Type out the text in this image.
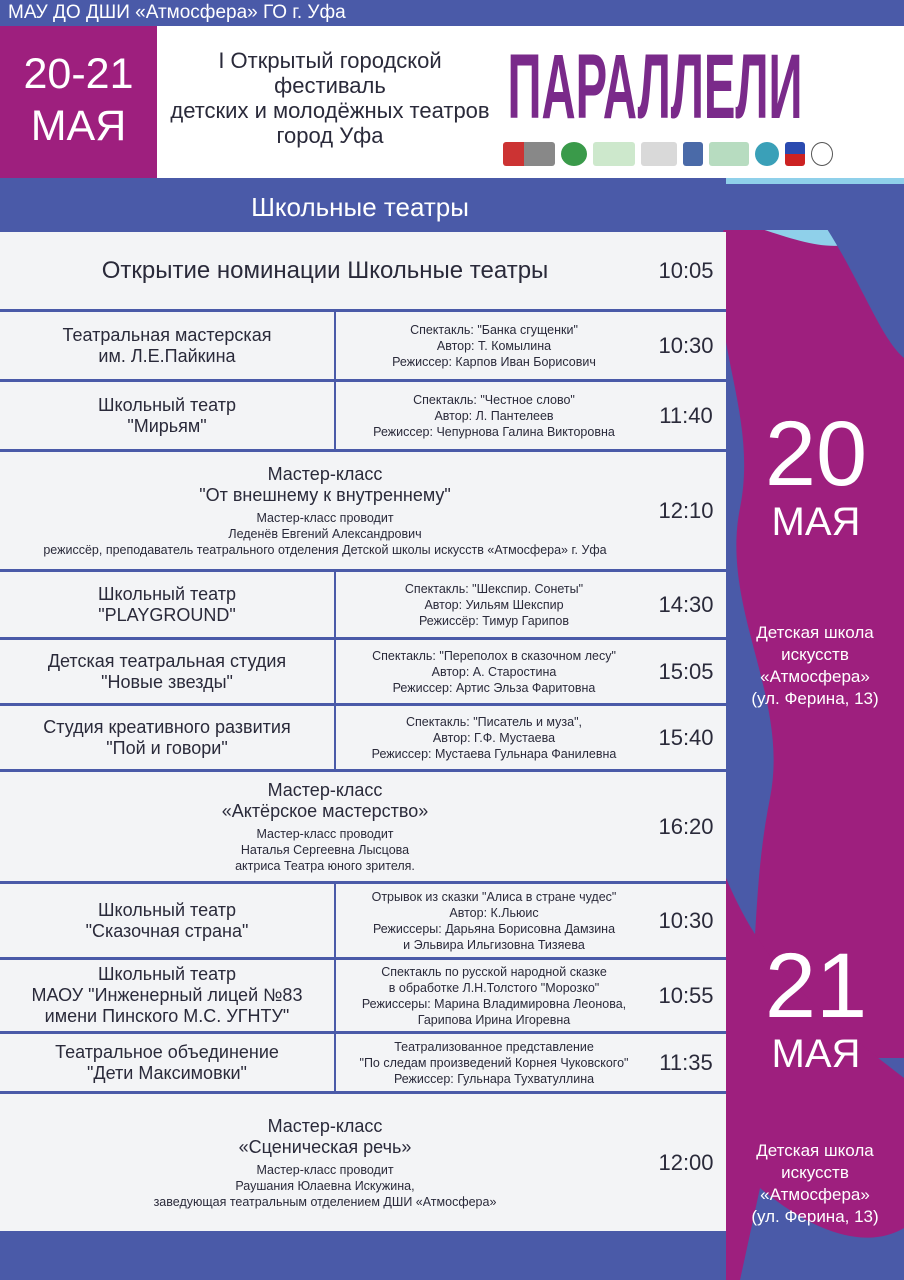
МАУ ДО ДШИ «Атмосфера» ГО г. Уфа
20-21
МАЯ
I Открытый городской
фестиваль
детских и молодёжных театров
город Уфа	ПАРАЛЛЕЛИ
Школьные театры
Открытие номинации Школьные театры	10:05
Театральная мастерская
им. Л.Е.Пайкина
Спектакль: "Банка сгущенки"
Автор: Т. Комылина
Режиссер: Карпов Иван Борисович
10:30
Школьный театр
"Мирьям"
Спектакль: "Честное слово"
Автор: Л. Пантелеев
Режиссер: Чепурнова Галина Викторовна
11:40
Мастер-класс
"От внешнему к внутреннему"
Мастер-класс проводит
Леденёв Евгений Александрович
режиссёр, преподаватель театрального отделения Детской школы искусств «Атмосфера» г. Уфа
12:10
Школьный театр
"PLAYGROUND"
Спектакль: "Шекспир. Сонеты"
Автор: Уильям Шекспир
Режиссёр: Тимур Гарипов
14:30
Детская театральная студия
"Новые звезды"
Спектакль: "Переполох в сказочном лесу"
Автор: А. Старостина
Режиссер: Артис Эльза Фаритовна
15:05
Студия креативного развития
"Пой и говори"
Спектакль: "Писатель и муза",
Автор: Г.Ф. Мустаева
Режиссер: Мустаева Гульнара Фанилевна
15:40
Мастер-класс
«Актёрское мастерство»
Мастер-класс проводит
Наталья Сергеевна Лысцова
актриса Театра юного зрителя.
16:20
Школьный театр
"Сказочная страна"
Отрывок из сказки "Алиса в стране чудес"
Автор: К.Льюис
Режиссеры: Дарьяна Борисовна Дамзина
и Эльвира Ильгизовна Тизяева
10:30
Школьный театр
МАОУ "Инженерный лицей №83
имени Пинского М.С. УГНТУ"
Спектакль по русской народной сказке
в обработке Л.Н.Толстого "Морозко"
Режиссеры: Марина Владимировна Леонова,
Гарипова Ирина Игоревна
10:55
Театральное объединение
"Дети Максимовки"
Театрализованное представление
"По следам произведений Корнея Чуковского"
Режиссер: Гульнара Тухватуллина
11:35
Мастер-класс
«Сценическая речь»
Мастер-класс проводит
Раушания Юлаевна Искужина,
заведующая театральным отделением ДШИ «Атмосфера»
12:00
20
МАЯ
Детская школа искусств
«Атмосфера»
(ул. Ферина, 13)
21
МАЯ
Детская школа искусств
«Атмосфера»
(ул. Ферина, 13)
